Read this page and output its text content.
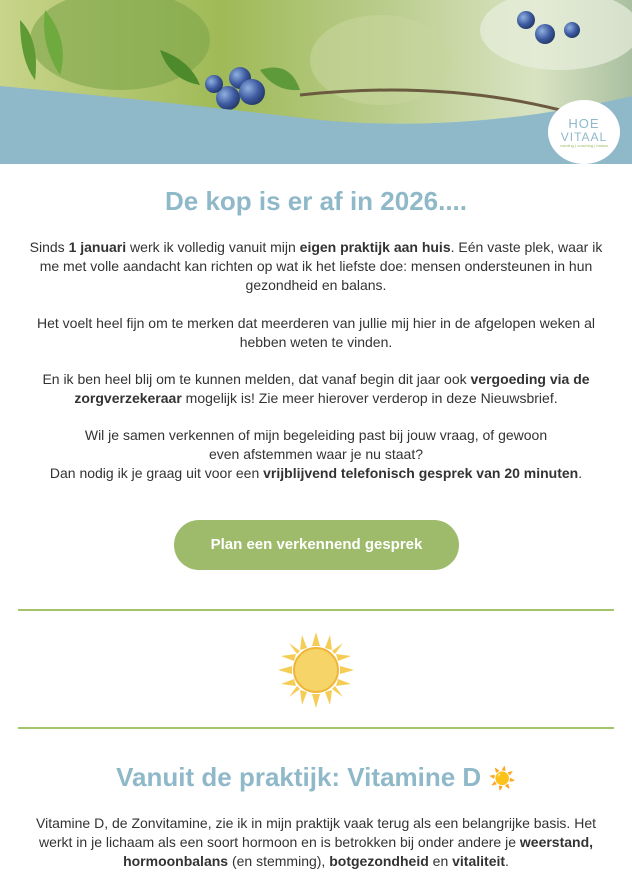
HOE
VITAAL
voeding | coaching | balans
De kop is er af in 2026....
Sinds 1 januari werk ik volledig vanuit mijn eigen praktijk aan huis. Eén vaste plek, waar ik me met volle aandacht kan richten op wat ik het liefste doe: mensen ondersteunen in hun gezondheid en balans.
Het voelt heel fijn om te merken dat meerderen van jullie mij hier in de afgelopen weken al hebben weten te vinden.
En ik ben heel blij om te kunnen melden, dat vanaf begin dit jaar ook vergoeding via de zorgverzekeraar mogelijk is! Zie meer hierover verderop in deze Nieuwsbrief.
Wil je samen verkennen of mijn begeleiding past bij jouw vraag, of gewoon even afstemmen waar je nu staat?
Dan nodig ik je graag uit voor een vrijblijvend telefonisch gesprek van 20 minuten.
Plan een verkennend gesprek
Vanuit de praktijk: Vitamine D ☀️
Vitamine D, de Zonvitamine, zie ik in mijn praktijk vaak terug als een belangrijke basis. Het werkt in je lichaam als een soort hormoon en is betrokken bij onder andere je weerstand, hormoonbalans (en stemming), botgezondheid en vitaliteit.
